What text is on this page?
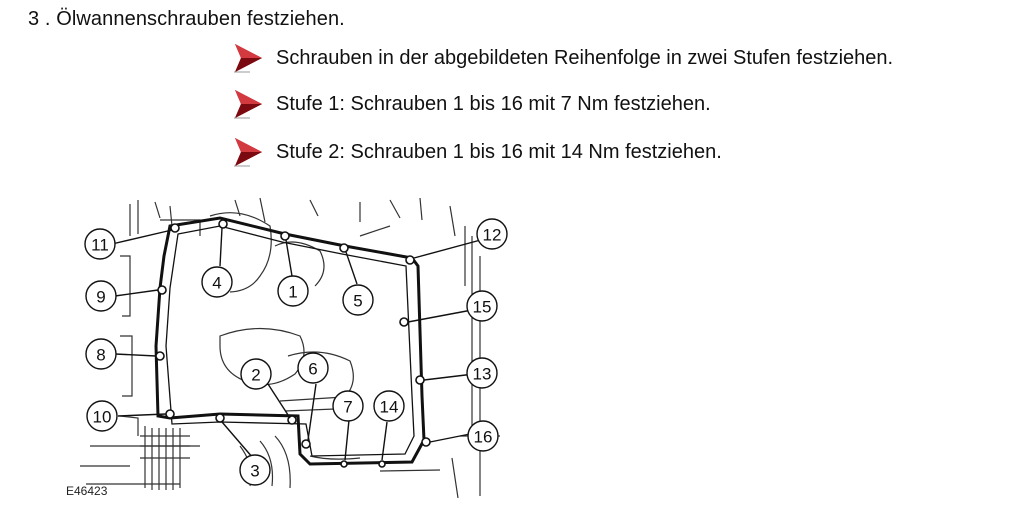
3 . Ölwannenschrauben festziehen.
Schrauben in der abgebildeten Reihenfolge in zwei Stufen festziehen.
Stufe 1: Schrauben 1 bis 16 mit 7 Nm festziehen.
Stufe 2: Schrauben 1 bis 16 mit 14 Nm festziehen.
11
4	1	5
12
9
15
8
13
2	6
7 14
10
16
3
E46423
